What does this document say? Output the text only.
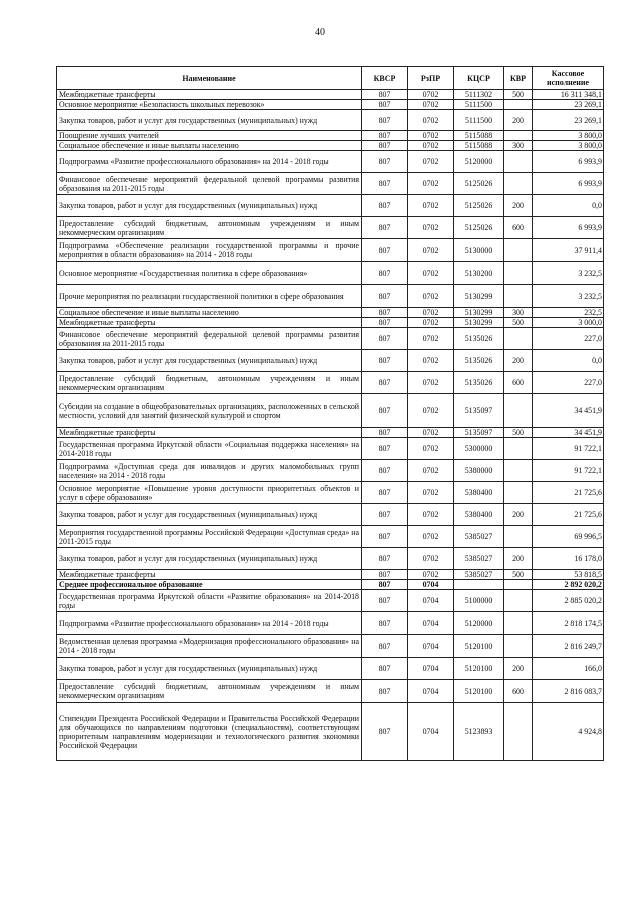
40
Наименование	КВСР	РзПР	КЦСР	КВР	Кассовое исполнение
Межбюджетные трансферты	807	0702	5111302	500	16 311 348,1
Основное мероприятие «Безопасность школьных перевозок»	807	0702	5111500		23 269,1
Закупка товаров, работ и услуг для государственных (муниципальных) нужд	807	0702	5111500	200	23 269,1
Поощрение лучших учителей	807	0702	5115088		3 800,0
Социальное обеспечение и иные выплаты населению	807	0702	5115088	300	3 800,0
Подпрограмма «Развитие профессионального образования» на 2014 - 2018 годы	807	0702	5120000		6 993,9
Финансовое обеспечение мероприятий федеральной целевой программы развития образования на 2011-2015 годы	807	0702	5125026		6 993,9
Закупка товаров, работ и услуг для государственных (муниципальных) нужд	807	0702	5125026	200	0,0
Предоставление субсидий бюджетным, автономным учреждениям и иным некоммерческим организациям	807	0702	5125026	600	6 993,9
Подпрограмма «Обеспечение реализации государственной программы и прочие мероприятия в области образования» на 2014 - 2018 годы	807	0702	5130000		37 911,4
Основное мероприятие «Государственная политика в сфере образования»	807	0702	5130200		3 232,5
Прочие мероприятия по реализации государственной политики в сфере образования	807	0702	5130299		3 232,5
Социальное обеспечение и иные выплаты населению	807	0702	5130299	300	232,5
Межбюджетные трансферты	807	0702	5130299	500	3 000,0
Финансовое обеспечение мероприятий федеральной целевой программы развития образования на 2011-2015 годы	807	0702	5135026		227,0
Закупка товаров, работ и услуг для государственных (муниципальных) нужд	807	0702	5135026	200	0,0
Предоставление субсидий бюджетным, автономным учреждениям и иным некоммерческим организациям	807	0702	5135026	600	227,0
Субсидии на создание в общеобразовательных организациях, расположенных в сельской местности, условий для занятий физической культурой и спортом	807	0702	5135097		34 451,9
Межбюджетные трансферты	807	0702	5135097	500	34 451,9
Государственная программа Иркутской области «Социальная поддержка населения» на 2014-2018 годы	807	0702	5300000		91 722,1
Подпрограмма «Доступная среда для инвалидов и других маломобильных групп населения» на 2014 - 2018 годы	807	0702	5380000		91 722,1
Основное мероприятие «Повышение уровня доступности приоритетных объектов и услуг в сфере образования»	807	0702	5380400		21 725,6
Закупка товаров, работ и услуг для государственных (муниципальных) нужд	807	0702	5380400	200	21 725,6
Мероприятия государственной программы Российской Федерации «Доступная среда» на 2011-2015 годы	807	0702	5385027		69 996,5
Закупка товаров, работ и услуг для государственных (муниципальных) нужд	807	0702	5385027	200	16 178,0
Межбюджетные трансферты	807	0702	5385027	500	53 818,5
Среднее профессиональное образование	807	0704			2 892 020,2
Государственная программа Иркутской области «Развитие образования» на 2014-2018 годы	807	0704	5100000		2 885 020,2
Подпрограмма «Развитие профессионального образования» на 2014 - 2018 годы	807	0704	5120000		2 818 174,5
Ведомственная целевая программа «Модернизация профессионального образования» на 2014 - 2018 годы	807	0704	5120100		2 816 249,7
Закупка товаров, работ и услуг для государственных (муниципальных) нужд	807	0704	5120100	200	166,0
Предоставление субсидий бюджетным, автономным учреждениям и иным некоммерческим организациям	807	0704	5120100	600	2 816 083,7
Стипендии Президента Российской Федерации и Правительства Российской Федерации для обучающихся по направлениям подготовки (специальностям), соответствующим приоритетным направлениям модернизации и технологического развития экономики Российской Федерации	807	0704	5123893		4 924,8
